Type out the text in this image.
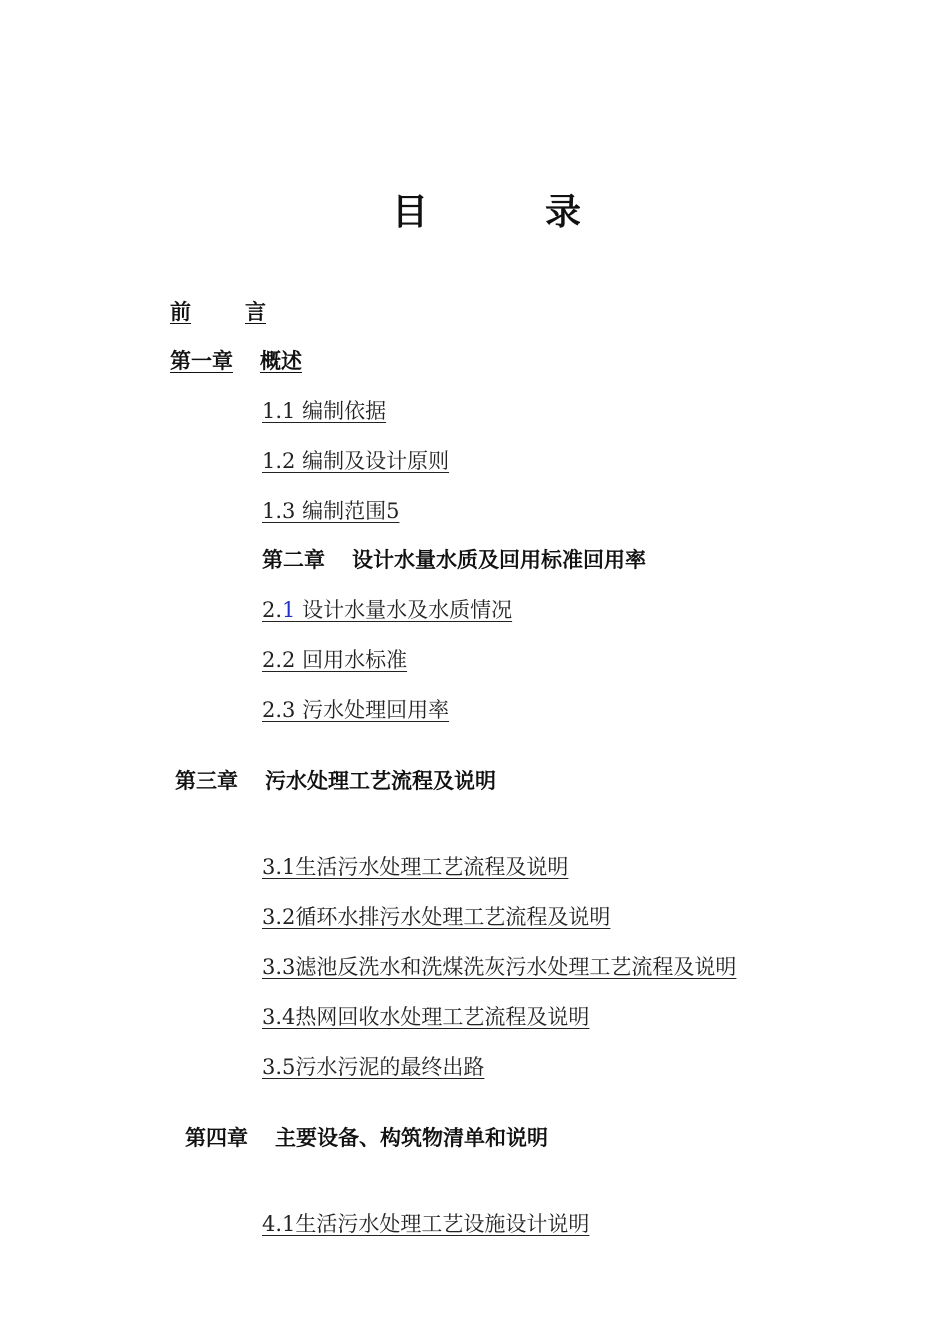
目	录
前	言
第一章 概述
1.1 编制依据
1.2 编制及设计原则
1.3 编制范围5
第二章 设计水量水质及回用标准回用率
2.1 设计水量水及水质情况
2.2 回用水标准
2.3 污水处理回用率
第三章 污水处理工艺流程及说明
3.1生活污水处理工艺流程及说明
3.2循环水排污水处理工艺流程及说明
3.3滤池反洗水和洗煤洗灰污水处理工艺流程及说明
3.4热网回收水处理工艺流程及说明
3.5污水污泥的最终出路
第四章 主要设备、构筑物清单和说明
4.1生活污水处理工艺设施设计说明
